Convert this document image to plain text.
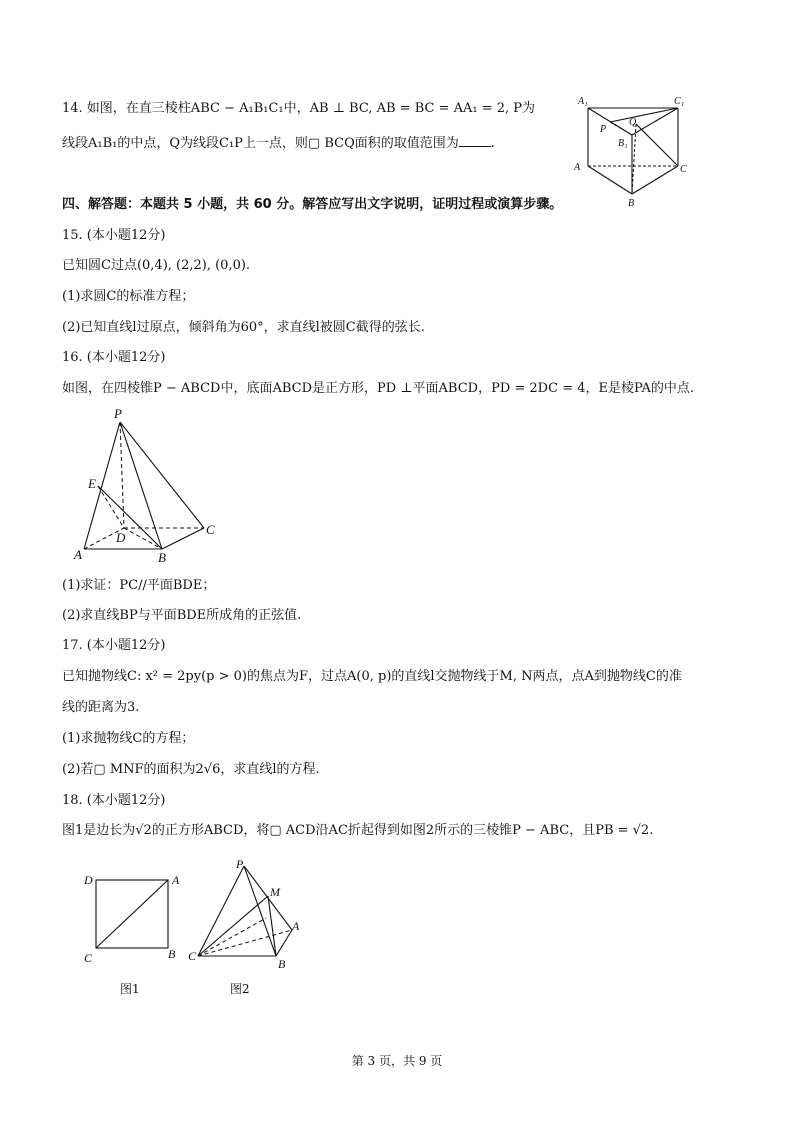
14. 如图，在直三棱柱ABC − A₁B₁C₁中，AB ⊥ BC, AB = BC = AA₁ = 2, P为
线段A₁B₁的中点，Q为线段C₁P上一点，则▢ BCQ面积的取值范围为 .
A₁	C₁
P
Q
B₁
A	C
B
四、解答题：本题共 5 小题，共 60 分。解答应写出文字说明，证明过程或演算步骤。
15. (本小题12分)
已知圆C过点(0,4), (2,2), (0,0).
(1)求圆C的标准方程；
(2)已知直线l过原点，倾斜角为60°，求直线l被圆C截得的弦长.
16. (本小题12分)
如图，在四棱锥P − ABCD中，底面ABCD是正方形，PD ⊥平面ABCD，PD = 2DC = 4，E是棱PA的中点.
P
E
D
A	B
C
(1)求证：PC//平面BDE；
(2)求直线BP与平面BDE所成角的正弦值.
17. (本小题12分)
已知抛物线C: x² = 2py(p > 0)的焦点为F，过点A(0, p)的直线l交抛物线于M, N两点，点A到抛物线C的准
线的距离为3.
(1)求抛物线C的方程；
(2)若▢ MNF的面积为2√6，求直线l的方程.
18. (本小题12分)
图1是边长为√2的正方形ABCD，将▢ ACD沿AC折起得到如图2所示的三棱锥P − ABC，且PB = √2.
D	A
C	B
图1
P
M
A
C
B
图2
第 3 页，共 9 页
